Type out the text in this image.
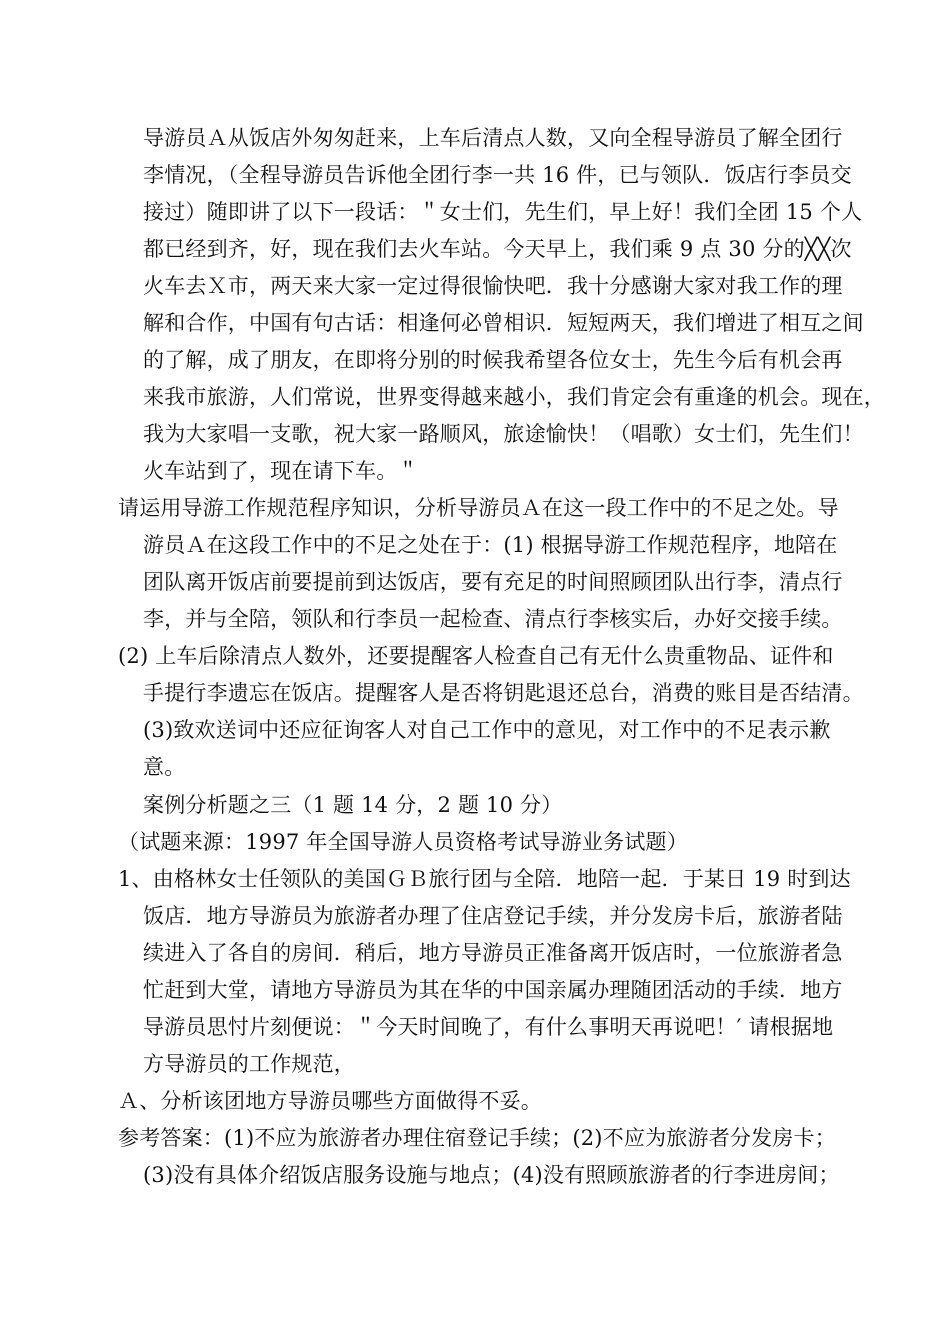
导游员Ａ从饭店外匆匆赶来，上车后清点人数，又向全程导游员了解全团行
李情况，（全程导游员告诉他全团行李一共 16 件，已与领队．饭店行李员交
接过）随即讲了以下一段话：＂女士们，先生们，早上好！我们全团 15 个人
都已经到齐，好，现在我们去火车站。今天早上，我们乘 9 点 30 分的╳╳次
火车去Ｘ市，两天来大家一定过得很愉快吧．我十分感谢大家对我工作的理
解和合作，中国有句古话：相逢何必曾相识．短短两天，我们增进了相互之间
的了解，成了朋友，在即将分别的时候我希望各位女士，先生今后有机会再
来我市旅游，人们常说，世界变得越来越小，我们肯定会有重逢的机会。现在，
我为大家唱一支歌，祝大家一路顺风，旅途愉快！（唱歌）女士们，先生们！
火车站到了，现在请下车。＂
请运用导游工作规范程序知识，分析导游员Ａ在这一段工作中的不足之处。导
游员Ａ在这段工作中的不足之处在于：(1) 根据导游工作规范程序，地陪在
团队离开饭店前要提前到达饭店，要有充足的时间照顾团队出行李，清点行
李，并与全陪，领队和行李员一起检查、清点行李核实后，办好交接手续。
(2) 上车后除清点人数外，还要提醒客人检查自己有无什么贵重物品、证件和
手提行李遗忘在饭店。提醒客人是否将钥匙退还总台，消费的账目是否结清。
(3)致欢送词中还应征询客人对自己工作中的意见，对工作中的不足表示歉
意。
案例分析题之三（1 题 14 分，2 题 10 分）
（试题来源：1997 年全国导游人员资格考试导游业务试题）
1、由格林女士任领队的美国ＧＢ旅行团与全陪．地陪一起．于某日 19 时到达
饭店．地方导游员为旅游者办理了住店登记手续，并分发房卡后，旅游者陆
续进入了各自的房间．稍后，地方导游员正准备离开饭店时，一位旅游者急
忙赶到大堂，请地方导游员为其在华的中国亲属办理随团活动的手续．地方
导游员思忖片刻便说：＂今天时间晚了，有什么事明天再说吧！′ 请根据地
方导游员的工作规范，
Ａ、分析该团地方导游员哪些方面做得不妥。
参考答案：(1)不应为旅游者办理住宿登记手续；(2)不应为旅游者分发房卡；
(3)没有具体介绍饭店服务设施与地点；(4)没有照顾旅游者的行李进房间；
